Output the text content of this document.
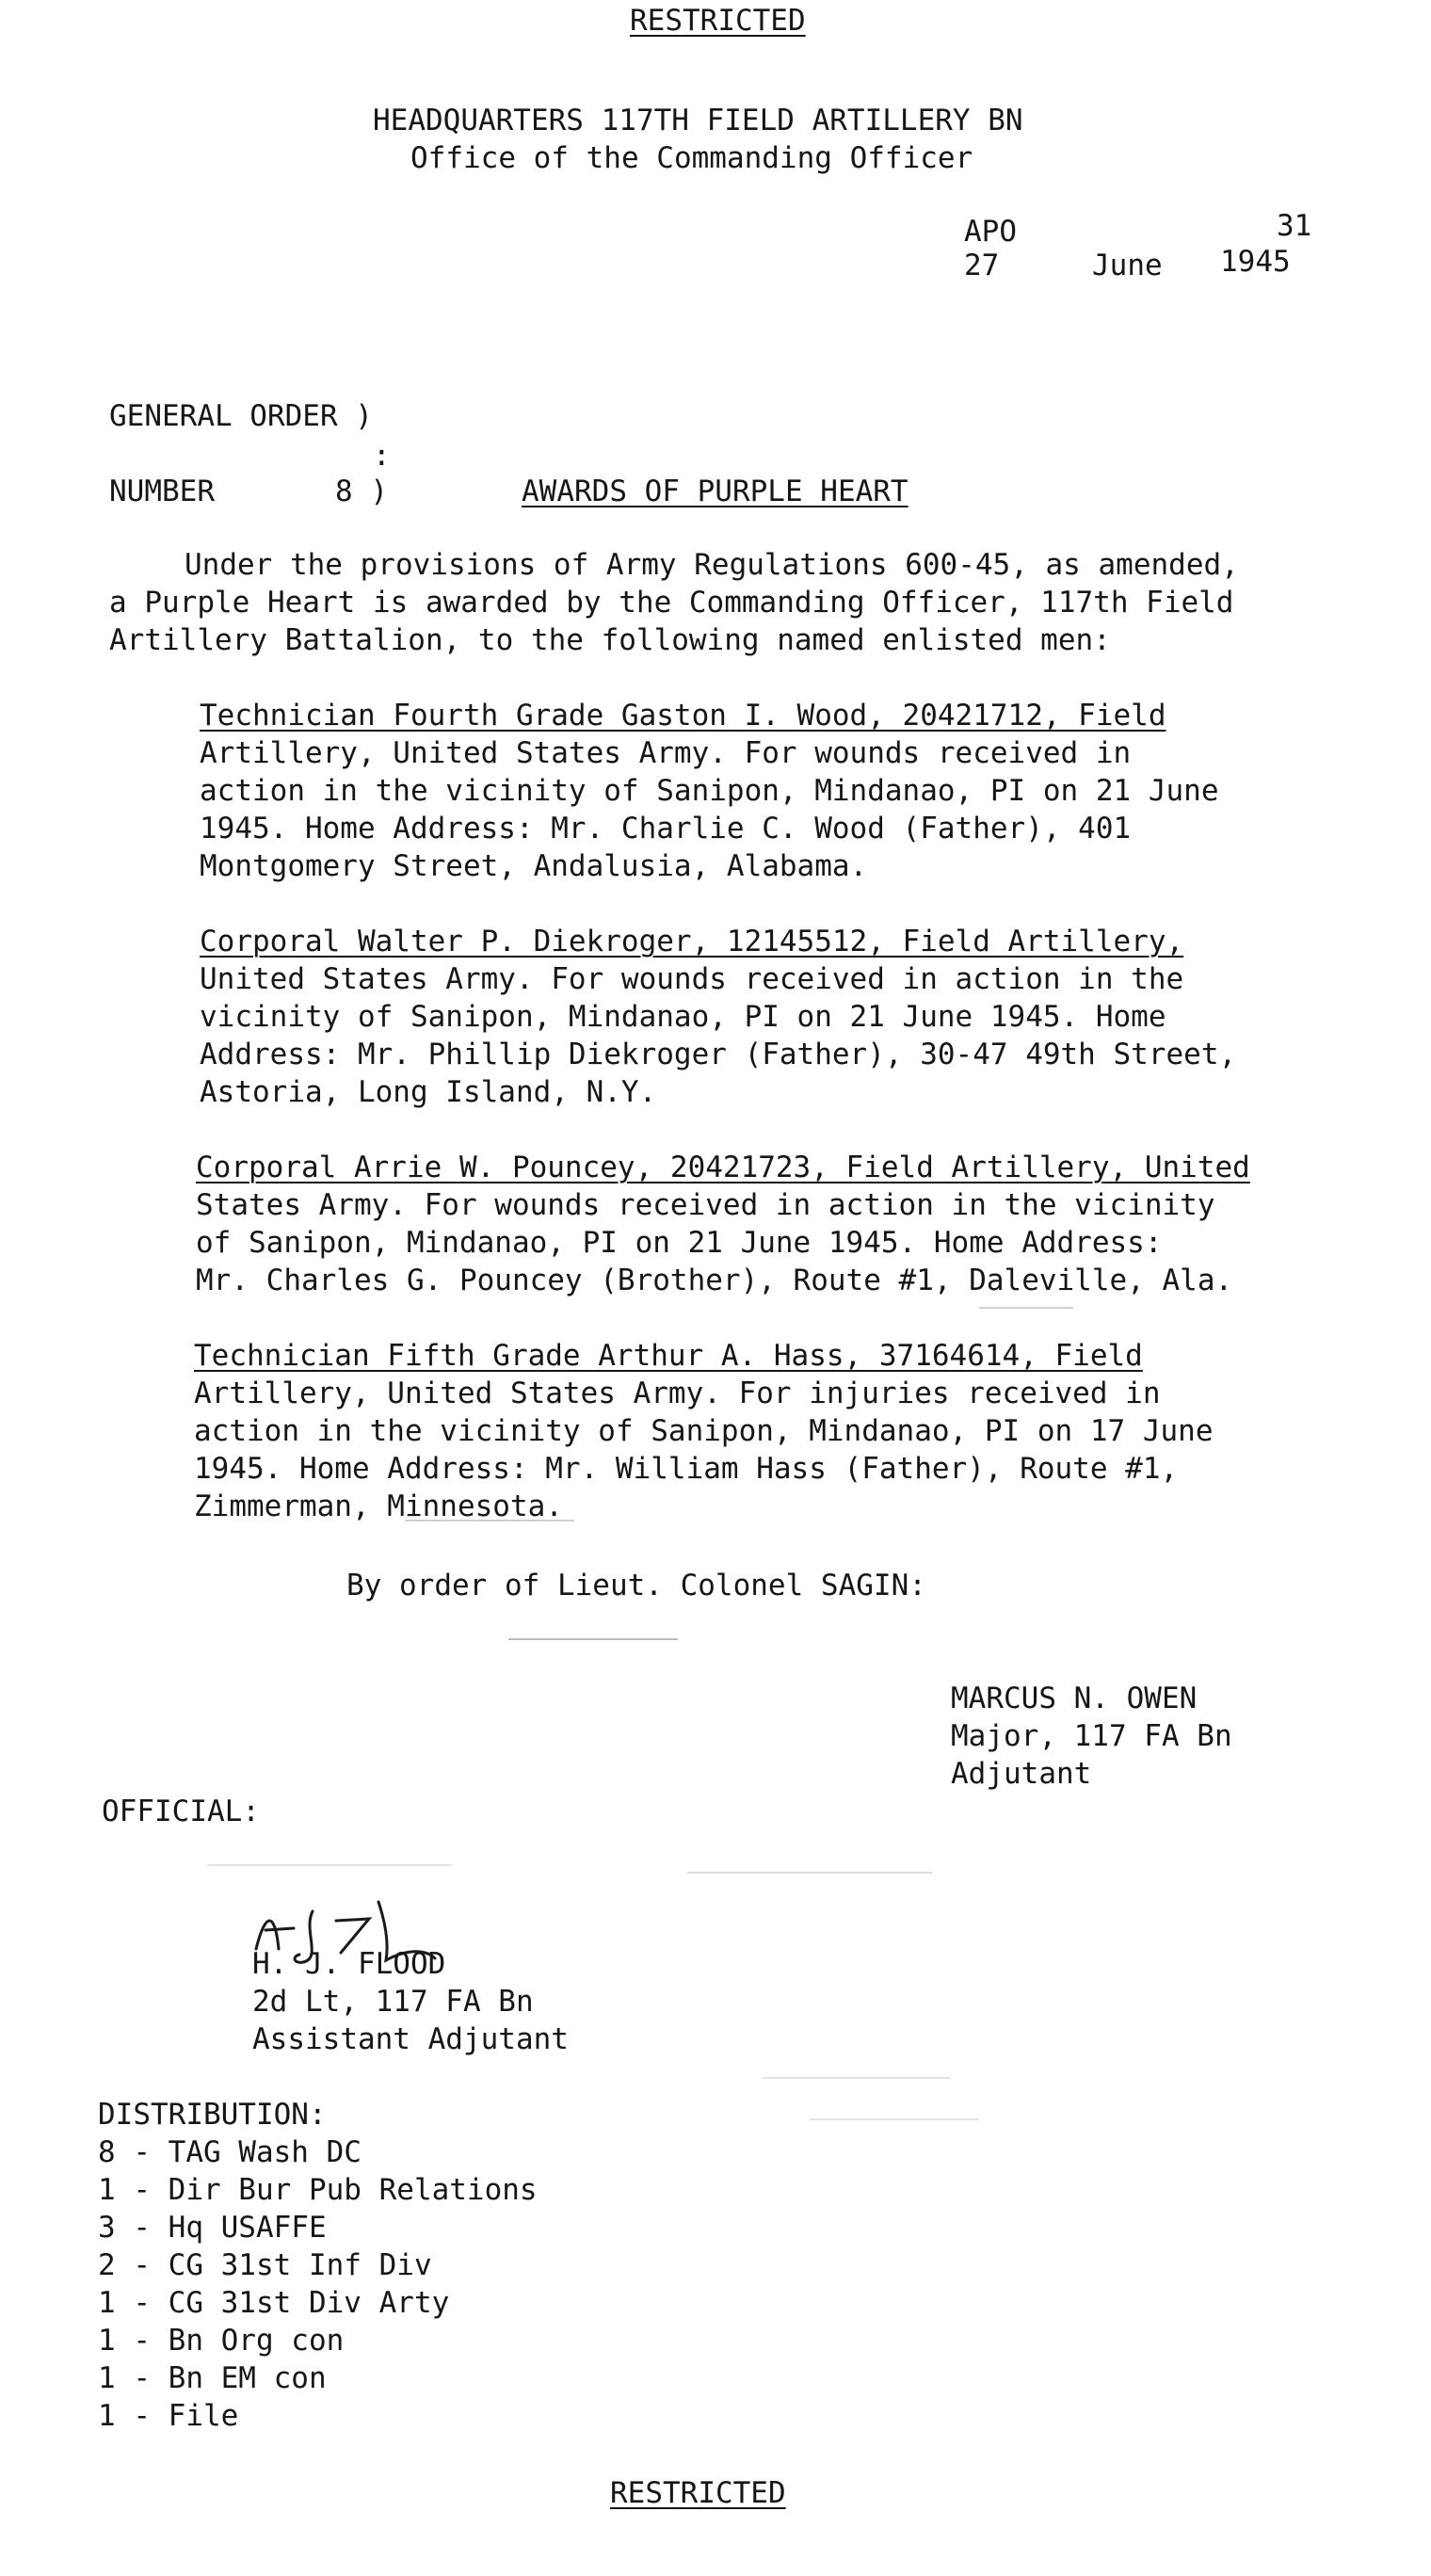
RESTRICTED
HEADQUARTERS 117TH FIELD ARTILLERY BN
Office of the Commanding Officer
APO	31
27	June 1945
GENERAL ORDER )
:
NUMBER	8 )	AWARDS OF PURPLE HEART
Under the provisions of Army Regulations 600-45, as amended,
a Purple Heart is awarded by the Commanding Officer, 117th Field
Artillery Battalion, to the following named enlisted men:
Technician Fourth Grade Gaston I. Wood, 20421712, Field
Artillery, United States Army. For wounds received in
action in the vicinity of Sanipon, Mindanao, PI on 21 June
1945. Home Address: Mr. Charlie C. Wood (Father), 401
Montgomery Street, Andalusia, Alabama.
Corporal Walter P. Diekroger, 12145512, Field Artillery,
United States Army. For wounds received in action in the
vicinity of Sanipon, Mindanao, PI on 21 June 1945. Home
Address: Mr. Phillip Diekroger (Father), 30-47 49th Street,
Astoria, Long Island, N.Y.
Corporal Arrie W. Pouncey, 20421723, Field Artillery, United
States Army. For wounds received in action in the vicinity
of Sanipon, Mindanao, PI on 21 June 1945. Home Address:
Mr. Charles G. Pouncey (Brother), Route #1, Daleville, Ala.
Technician Fifth Grade Arthur A. Hass, 37164614, Field
Artillery, United States Army. For injuries received in
action in the vicinity of Sanipon, Mindanao, PI on 17 June
1945. Home Address: Mr. William Hass (Father), Route #1,
Zimmerman, Minnesota.
By order of Lieut. Colonel SAGIN:
MARCUS N. OWEN
Major, 117 FA Bn
Adjutant
OFFICIAL:
H. J. FLOOD
2d Lt, 117 FA Bn
Assistant Adjutant
DISTRIBUTION:
8 - TAG Wash DC
1 - Dir Bur Pub Relations
3 - Hq USAFFE
2 - CG 31st Inf Div
1 - CG 31st Div Arty
1 - Bn Org con
1 - Bn EM con
1 - File
RESTRICTED
